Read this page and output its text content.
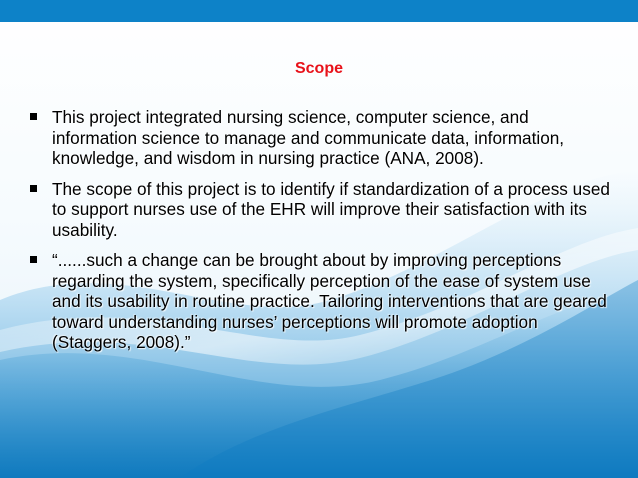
Scope
This project integrated nursing science, computer science, and information science to manage and communicate data, information, knowledge, and wisdom in nursing practice (ANA, 2008).
The scope of this project is to identify if standardization of a process used to support nurses use of the EHR will improve their satisfaction with its usability.
“......such a change can be brought about by improving perceptions regarding the system, specifically perception of the ease of system use and its usability in routine practice. Tailoring interventions that are geared toward understanding nurses’ perceptions will promote adoption (Staggers, 2008).”
